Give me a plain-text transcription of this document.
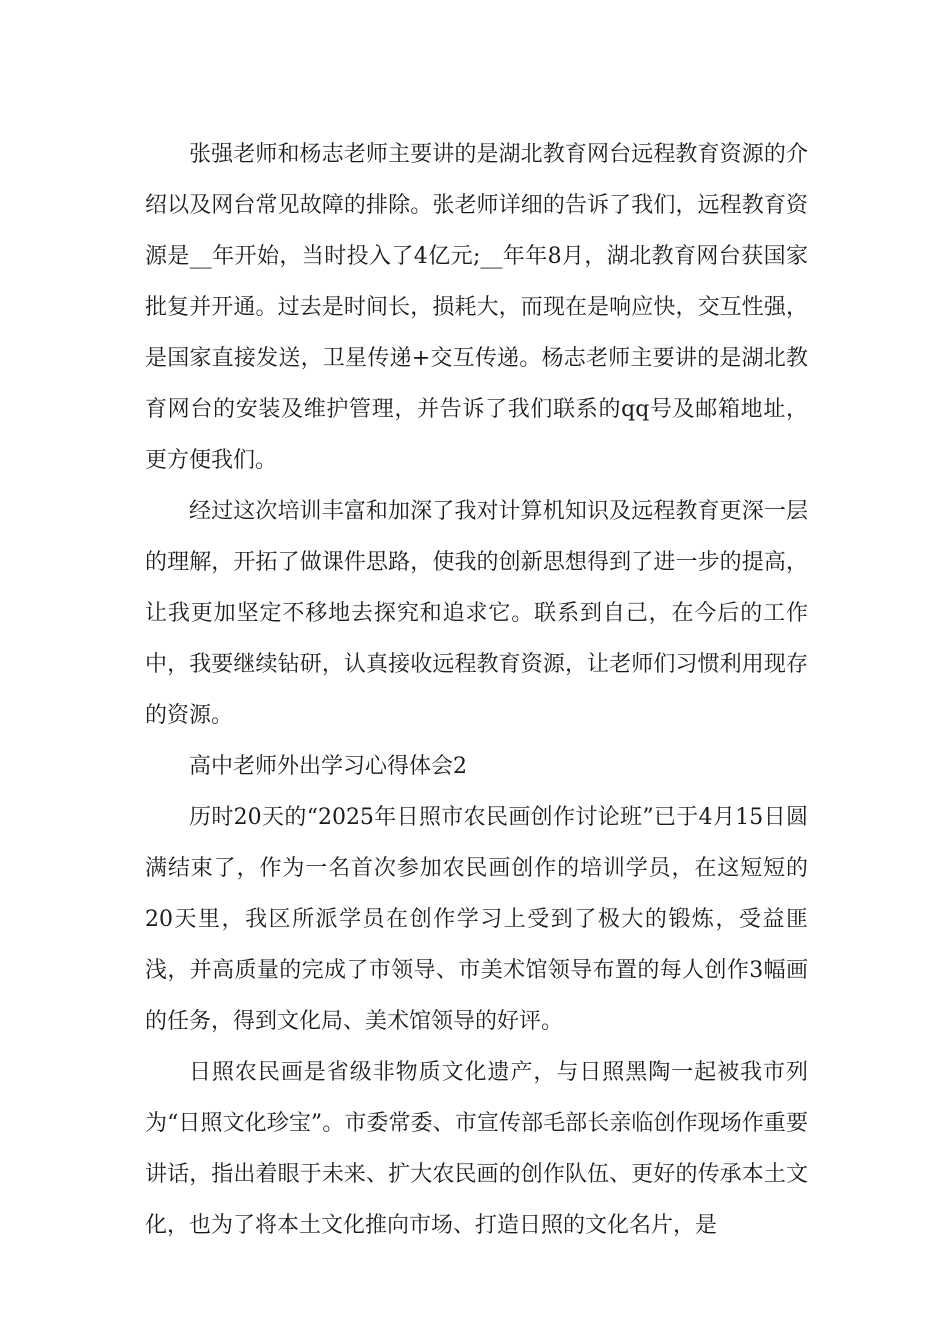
张强老师和杨志老师主要讲的是湖北教育网台远程教育资源的介绍以及网台常见故障的排除。张老师详细的告诉了我们，远程教育资源是__年开始，当时投入了4亿元;__年年8月，湖北教育网台获国家批复并开通。过去是时间长，损耗大，而现在是响应快，交互性强，是国家直接发送，卫星传递+交互传递。杨志老师主要讲的是湖北教育网台的安装及维护管理，并告诉了我们联系的qq号及邮箱地址，更方便我们。

经过这次培训丰富和加深了我对计算机知识及远程教育更深一层的理解，开拓了做课件思路，使我的创新思想得到了进一步的提高，让我更加坚定不移地去探究和追求它。联系到自己，在今后的工作中，我要继续钻研，认真接收远程教育资源，让老师们习惯利用现存的资源。

高中老师外出学习心得体会2

历时20天的“2025年日照市农民画创作讨论班”已于4月15日圆满结束了，作为一名首次参加农民画创作的培训学员，在这短短的20天里，我区所派学员在创作学习上受到了极大的锻炼，受益匪浅，并高质量的完成了市领导、市美术馆领导布置的每人创作3幅画的任务，得到文化局、美术馆领导的好评。

日照农民画是省级非物质文化遗产，与日照黑陶一起被我市列为“日照文化珍宝”。市委常委、市宣传部毛部长亲临创作现场作重要讲话，指出着眼于未来、扩大农民画的创作队伍、更好的传承本土文化，也为了将本土文化推向市场、打造日照的文化名片，是
